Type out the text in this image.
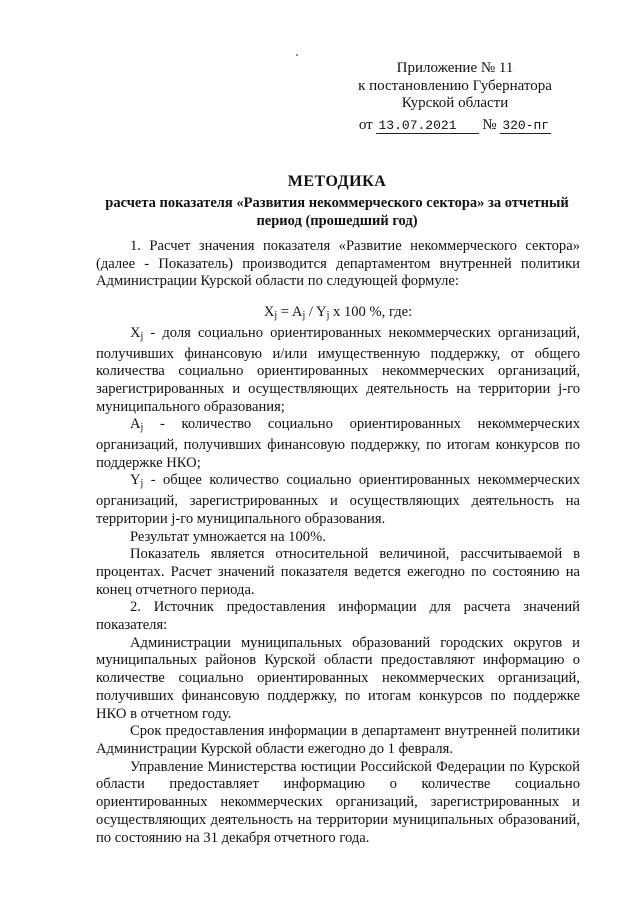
Приложение № 11
к постановлению Губернатора
Курской области
от 13.07.2021 № 320-пг
МЕТОДИКА
расчета показателя «Развития некоммерческого сектора» за отчетный период (прошедший год)

1. Расчет значения показателя «Развитие некоммерческого сектора» (далее - Показатель) производится департаментом внутренней политики Администрации Курской области по следующей формуле:

$X_j = A_j / Y_j$ x 100 %, где:

$X_j$ - доля социально ориентированных некоммерческих организаций, получивших финансовую и/или имущественную поддержку, от общего количества социально ориентированных некоммерческих организаций, зарегистрированных и осуществляющих деятельность на территории j-го муниципального образования;

$A_j$ - количество социально ориентированных некоммерческих организаций, получивших финансовую поддержку, по итогам конкурсов по поддержке НКО;

$Y_j$ - общее количество социально ориентированных некоммерческих организаций, зарегистрированных и осуществляющих деятельность на территории j-го муниципального образования.

Результат умножается на 100%.

Показатель является относительной величиной, рассчитываемой в процентах. Расчет значений показателя ведется ежегодно по состоянию на конец отчетного периода.

2. Источник предоставления информации для расчета значений показателя:

Администрации муниципальных образований городских округов и муниципальных районов Курской области предоставляют информацию о количестве социально ориентированных некоммерческих организаций, получивших финансовую поддержку, по итогам конкурсов по поддержке НКО в отчетном году.

Срок предоставления информации в департамент внутренней политики Администрации Курской области ежегодно до 1 февраля.

Управление Министерства юстиции Российской Федерации по Курской области предоставляет информацию о количестве социально ориентированных некоммерческих организаций, зарегистрированных и осуществляющих деятельность на территории муниципальных образований, по состоянию на 31 декабря отчетного года.
